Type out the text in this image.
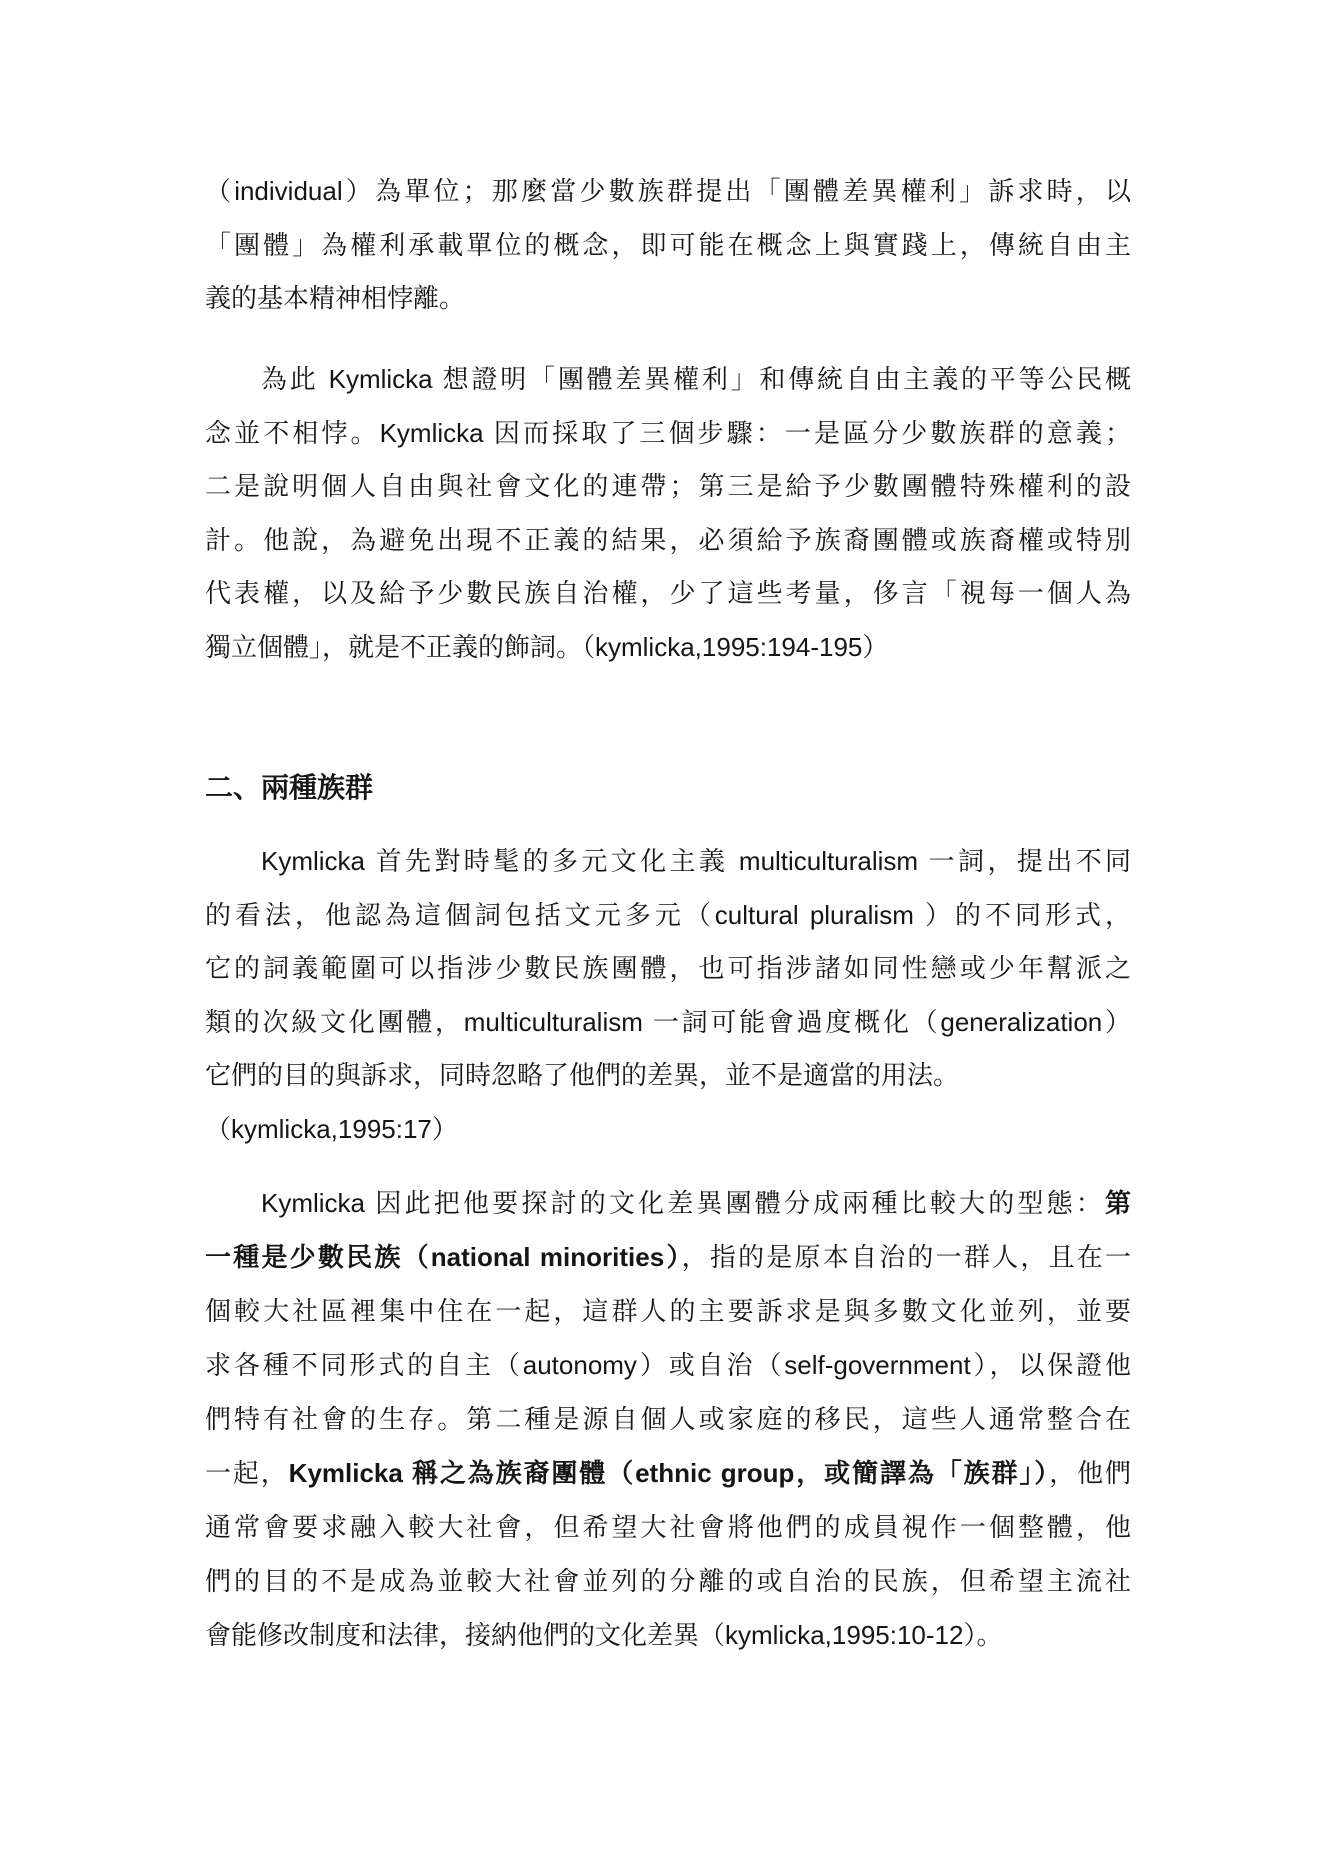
（individual）為單位；那麼當少數族群提出「團體差異權利」訴求時，以
「團體」為權利承載單位的概念，即可能在概念上與實踐上，傳統自由主
義的基本精神相悖離。
為此 Kymlicka 想證明「團體差異權利」和傳統自由主義的平等公民概
念並不相悖。Kymlicka 因而採取了三個步驟：一是區分少數族群的意義；
二是說明個人自由與社會文化的連帶；第三是給予少數團體特殊權利的設
計。他說，為避免出現不正義的結果，必須給予族裔團體或族裔權或特別
代表權，以及給予少數民族自治權，少了這些考量，侈言「視每一個人為
獨立個體」，就是不正義的飾詞。（kymlicka,1995:194-195）
二、兩種族群
Kymlicka 首先對時髦的多元文化主義 multiculturalism 一詞，提出不同
的看法，他認為這個詞包括文元多元（cultural pluralism ）的不同形式，
它的詞義範圍可以指涉少數民族團體，也可指涉諸如同性戀或少年幫派之
類的次級文化團體，multiculturalism 一詞可能會過度概化（generalization）
它們的目的與訴求，同時忽略了他們的差異，並不是適當的用法。
（kymlicka,1995:17）
Kymlicka 因此把他要探討的文化差異團體分成兩種比較大的型態：第
一種是少數民族（national minorities），指的是原本自治的一群人，且在一
個較大社區裡集中住在一起，這群人的主要訴求是與多數文化並列，並要
求各種不同形式的自主（autonomy）或自治（self-government），以保證他
們特有社會的生存。第二種是源自個人或家庭的移民，這些人通常整合在
一起，Kymlicka 稱之為族裔團體（ethnic group，或簡譯為「族群」），他們
通常會要求融入較大社會，但希望大社會將他們的成員視作一個整體，他
們的目的不是成為並較大社會並列的分離的或自治的民族，但希望主流社
會能修改制度和法律，接納他們的文化差異（kymlicka,1995:10-12）。
